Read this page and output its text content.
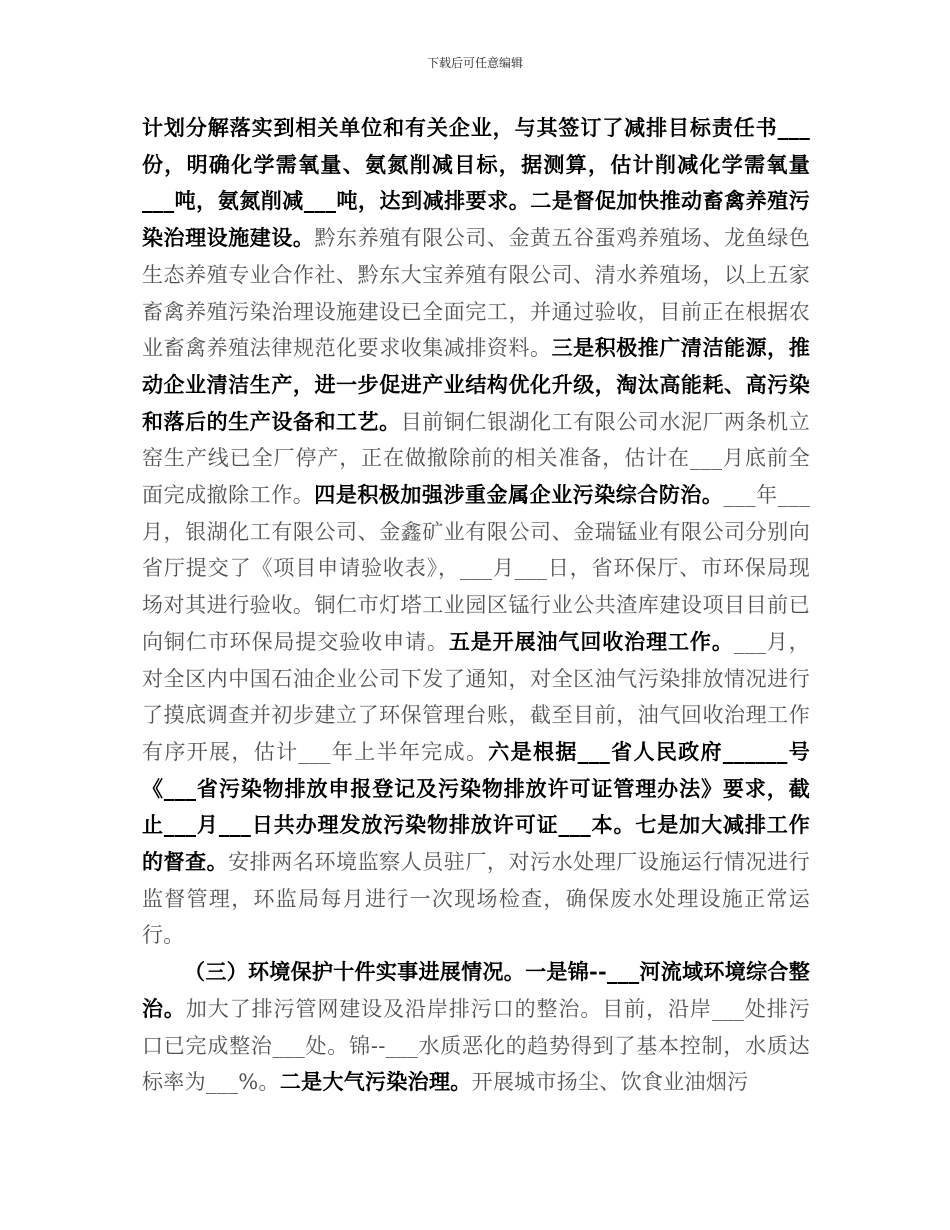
下载后可任意编辑

计划分解落实到相关单位和有关企业，与其签订了减排目标责任书___份，明确化学需氧量、氨氮削减目标，据测算，估计削减化学需氧量___吨，氨氮削减___吨，达到减排要求。二是督促加快推动畜禽养殖污染治理设施建设。黔东养殖有限公司、金黄五谷蛋鸡养殖场、龙鱼绿色生态养殖专业合作社、黔东大宝养殖有限公司、清水养殖场，以上五家畜禽养殖污染治理设施建设已全面完工，并通过验收，目前正在根据农业畜禽养殖法律规范化要求收集减排资料。三是积极推广清洁能源，推动企业清洁生产，进一步促进产业结构优化升级，淘汰高能耗、高污染和落后的生产设备和工艺。目前铜仁银湖化工有限公司水泥厂两条机立窑生产线已全厂停产，正在做撤除前的相关准备，估计在___月底前全面完成撤除工作。四是积极加强涉重金属企业污染综合防治。___年___月，银湖化工有限公司、金鑫矿业有限公司、金瑞锰业有限公司分别向省厅提交了《项目申请验收表》，___月___日，省环保厅、市环保局现场对其进行验收。铜仁市灯塔工业园区锰行业公共渣库建设项目目前已向铜仁市环保局提交验收申请。五是开展油气回收治理工作。___月，对全区内中国石油企业公司下发了通知，对全区油气污染排放情况进行了摸底调查并初步建立了环保管理台账，截至目前，油气回收治理工作有序开展，估计___年上半年完成。六是根据___省人民政府______号《___省污染物排放申报登记及污染物排放许可证管理办法》要求，截止___月___日共办理发放污染物排放许可证___本。七是加大减排工作的督查。安排两名环境监察人员驻厂，对污水处理厂设施运行情况进行监督管理，环监局每月进行一次现场检查，确保废水处理设施正常运行。

（三）环境保护十件实事进展情况。一是锦--___河流域环境综合整治。加大了排污管网建设及沿岸排污口的整治。目前，沿岸___处排污口已完成整治___处。锦--___水质恶化的趋势得到了基本控制，水质达标率为___%。二是大气污染治理。开展城市扬尘、饮食业油烟污
